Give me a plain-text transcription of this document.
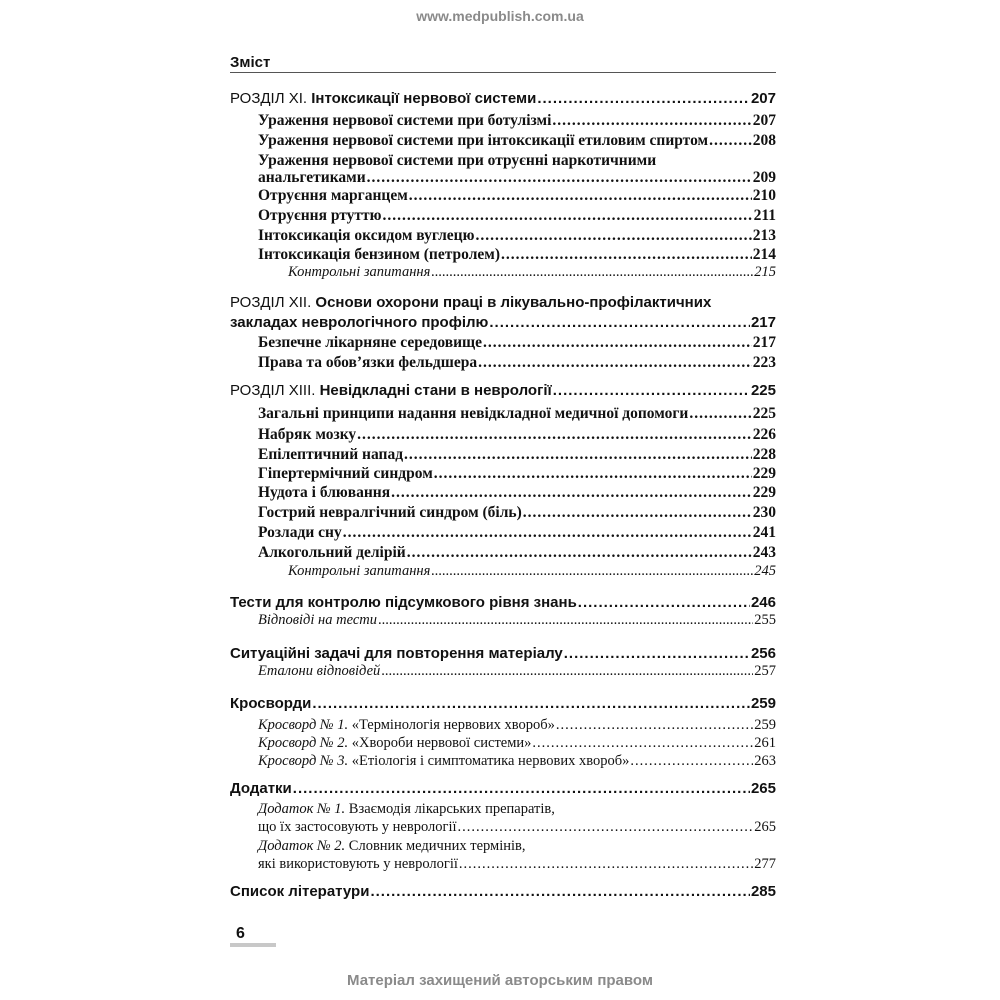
www.medpublish.com.ua
Зміст
РОЗДІЛ XI. Інтоксикації нервової системи .....	207
Ураження нервової системи при ботулізмі .....	207
Ураження нервової системи при інтоксикації етиловим спиртом .....	208
Ураження нервової системи при отруєнні наркотичними
анальгетиками .....	209
Отруєння марганцем .....	210
Отруєння ртуттю .....	211
Інтоксикація оксидом вуглецю .....	213
Інтоксикація бензином (петролем) .....	214
Контрольні запитання .....	215
РОЗДІЛ XII. Основи охорони праці в лікувально-профілактичних
закладах неврологічного профілю .....	217
Безпечне лікарняне середовище .....	217
Права та обов’язки фельдшера .....	223
РОЗДІЛ XIII. Невідкладні стани в неврології .....	225
Загальні принципи надання невідкладної медичної допомоги .....	225
Набряк мозку .....	226
Епілептичний напад .....	228
Гіпертермічний синдром .....	229
Нудота і блювання .....	229
Гострий невралгічний синдром (біль) .....	230
Розлади сну .....	241
Алкогольний делірій .....	243
Контрольні запитання .....	245
Тести для контролю підсумкового рівня знань .....	246
Відповіді на тести .....	255
Ситуаційні задачі для повторення матеріалу .....	256
Еталони відповідей .....	257
Кросворди .....	259
Кросворд № 1. «Термінологія нервових хвороб» .....	259
Кросворд № 2. «Хвороби нервової системи» .....	261
Кросворд № 3. «Етіологія і симптоматика нервових хвороб» .....	263
Додатки .....	265
Додаток № 1. Взаємодія лікарських препаратів,
що їх застосовують у неврології .....	265
Додаток № 2. Словник медичних термінів,
які використовують у неврології .....	277
Список літератури .....	285
6
Матеріал захищений авторським правом
